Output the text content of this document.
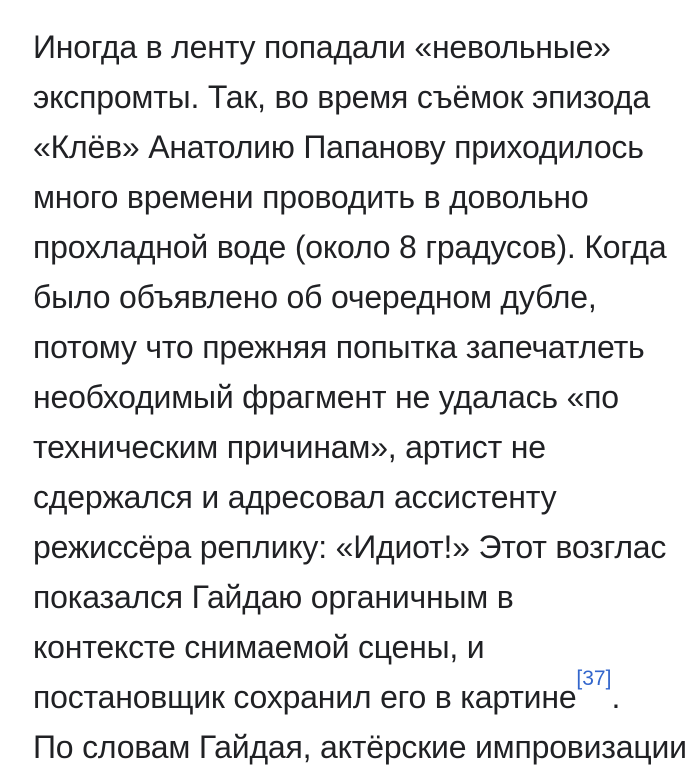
Иногда в ленту попадали «невольные»
экспромты. Так, во время съёмок эпизода
«Клёв» Анатолию Папанову приходилось
много времени проводить в довольно
прохладной воде (около 8 градусов). Когда
было объявлено об очередном дубле,
потому что прежняя попытка запечатлеть
необходимый фрагмент не удалась «по
техническим причинам», артист не
сдержался и адресовал ассистенту
режиссёра реплику: «Идиот!» Этот возглас
показался Гайдаю органичным в
контексте снимаемой сцены, и
постановщик сохранил его в картине[37].
По словам Гайдая, актёрские импровизации
